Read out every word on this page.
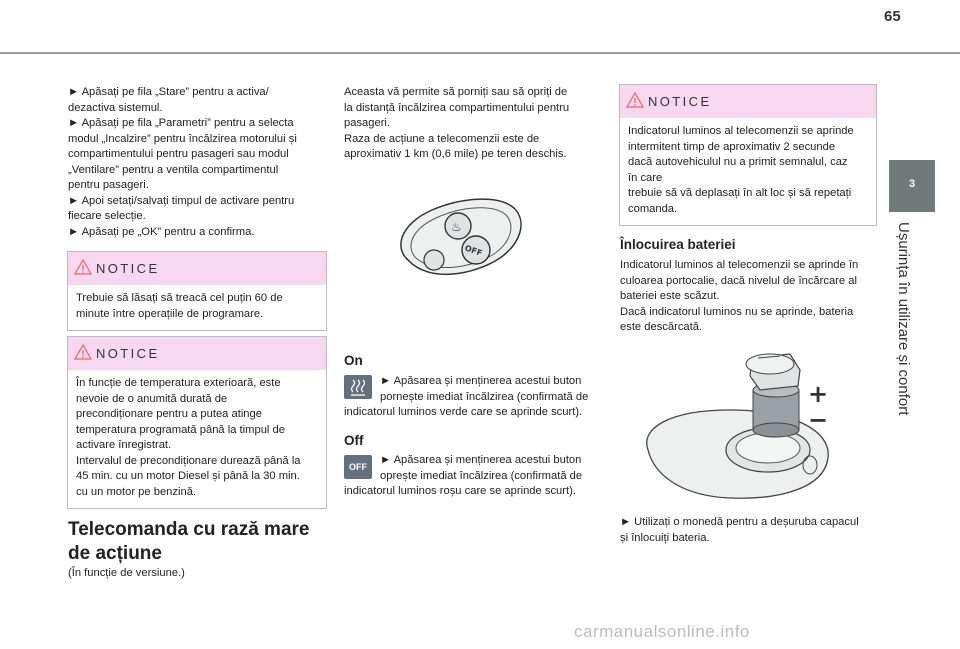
65
3
Ușurința în utilizare și confort

► Apăsați pe fila „Stare” pentru a activa/

dezactiva sistemul.

► Apăsați pe fila „Parametri” pentru a selecta

modul „Incalzire” pentru încălzirea motorului și

compartimentului pentru pasageri sau modul

„Ventilare” pentru a ventila compartimentul

pentru pasageri.

► Apoi setați/salvați timpul de activare pentru

fiecare selecție.

► Apăsați pe „OK” pentru a confirma.

NOTICE

Trebuie să lăsați să treacă cel puțin 60 de

minute între operațiile de programare.

NOTICE

În funcție de temperatura exterioară, este

nevoie de o anumită durată de

precondiționare pentru a putea atinge

temperatura programată până la timpul de

activare înregistrat.

Intervalul de precondiționare durează până la

45 min. cu un motor Diesel și până la 30 min.

cu un motor pe benzină.

Telecomanda cu rază mare
de acțiune
(În funcție de versiune.)

Aceasta vă permite să porniți sau să opriți de

la distanță încălzirea compartimentului pentru

pasageri.

Raza de acțiune a telecomenzii este de

aproximativ 1 km (0,6 mile) pe teren deschis.

♨
OFF
On

► Apăsarea și menținerea acestui buton

pornește imediat încălzirea (confirmată de

indicatorul luminos verde care se aprinde scurt).

Off
OFF

► Apăsarea și menținerea acestui buton

oprește imediat încălzirea (confirmată de

indicatorul luminos roșu care se aprinde scurt).

NOTICE

Indicatorul luminos al telecomenzii se aprinde

intermitent timp de aproximativ 2 secunde

dacă autovehiculul nu a primit semnalul, caz

în care

trebuie să vă deplasați în alt loc și să repetați

comanda.

Înlocuirea bateriei

Indicatorul luminos al telecomenzii se aprinde în

culoarea portocalie, dacă nivelul de încărcare al

bateriei este scăzut.

Dacă indicatorul luminos nu se aprinde, bateria

este descărcată.

+
−

► Utilizați o monedă pentru a deșuruba capacul

și înlocuiți bateria.

carmanualsonline.info
